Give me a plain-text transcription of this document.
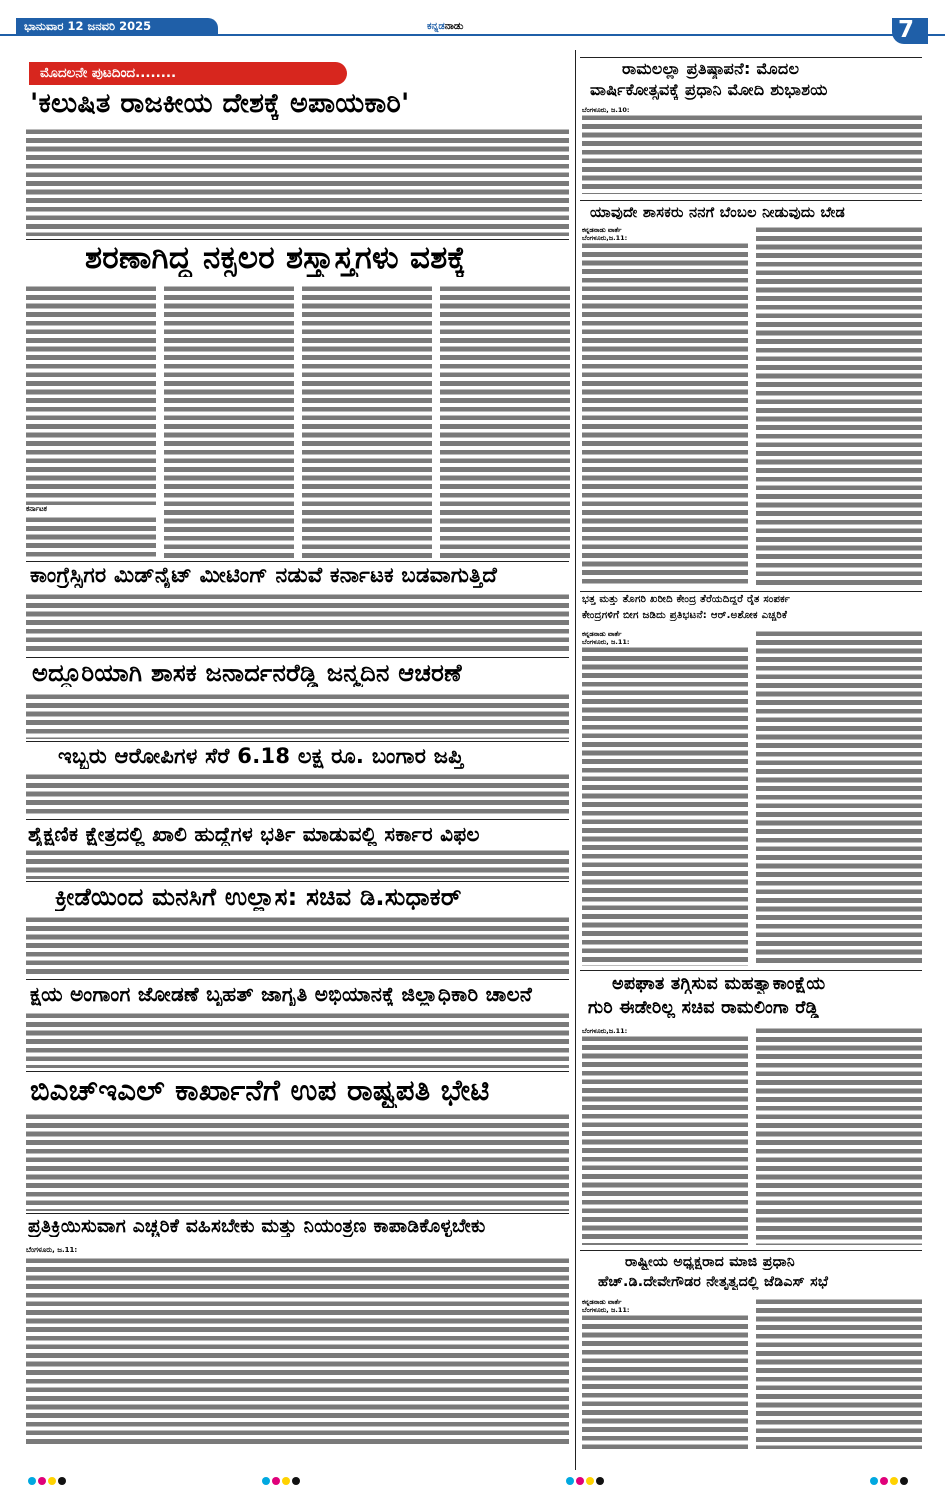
ಭಾನುವಾರ 12 ಜನವರಿ 2025	ಕನ್ನಡನಾಡು	7
ಮೊದಲನೇ ಪುಟದಿಂದ........
'ಕಲುಷಿತ ರಾಜಕೀಯ ದೇಶಕ್ಕೆ ಅಪಾಯಕಾರಿ'
ಶರಣಾಗಿದ್ದ ನಕ್ಸಲರ ಶಸ್ತ್ರಾಸ್ತ್ರಗಳು ವಶಕ್ಕೆ
ಕರ್ನಾಟಕ
ಕಾಂಗ್ರೆಸ್ಸಿಗರ ಮಿಡ್‌ನೈಟ್ ಮೀಟಿಂಗ್ ನಡುವೆ ಕರ್ನಾಟಕ ಬಡವಾಗುತ್ತಿದೆ
ಅದ್ದೂರಿಯಾಗಿ ಶಾಸಕ ಜನಾರ್ದನರೆಡ್ಡಿ ಜನ್ಮದಿನ ಆಚರಣೆ
ಇಬ್ಬರು ಆರೋಪಿಗಳ ಸೆರೆ 6.18 ಲಕ್ಷ ರೂ. ಬಂಗಾರ ಜಪ್ತಿ
ಶೈಕ್ಷಣಿಕ ಕ್ಷೇತ್ರದಲ್ಲಿ ಖಾಲಿ ಹುದ್ದೆಗಳ ಭರ್ತಿ ಮಾಡುವಲ್ಲಿ ಸರ್ಕಾರ ವಿಫಲ
ಕ್ರೀಡೆಯಿಂದ ಮನಸಿಗೆ ಉಲ್ಲಾಸ: ಸಚಿವ ಡಿ.ಸುಧಾಕರ್
ಕ್ಷಯ ಅಂಗಾಂಗ ಜೋಡಣೆ ಬೃಹತ್ ಜಾಗೃತಿ ಅಭಿಯಾನಕ್ಕೆ ಜಿಲ್ಲಾಧಿಕಾರಿ ಚಾಲನೆ
ಬಿಎಚ್‌ಇಎಲ್ ಕಾರ್ಖಾನೆಗೆ ಉಪ ರಾಷ್ಟ್ರಪತಿ ಭೇಟಿ
ಪ್ರತಿಕ್ರಿಯಿಸುವಾಗ ಎಚ್ಚರಿಕೆ ವಹಿಸಬೇಕು ಮತ್ತು ನಿಯಂತ್ರಣ ಕಾಪಾಡಿಕೊಳ್ಳಬೇಕು
ಬೆಂಗಳೂರು, ಜ.11:
ರಾಮಲಲ್ಲಾ ಪ್ರತಿಷ್ಠಾಪನೆ: ಮೊದಲ
ವಾರ್ಷಿಕೋತ್ಸವಕ್ಕೆ ಪ್ರಧಾನಿ ಮೋದಿ ಶುಭಾಶಯ
ಬೆಂಗಳೂರು, ಜ.10:
ಯಾವುದೇ ಶಾಸಕರು ನನಗೆ ಬೆಂಬಲ ನೀಡುವುದು ಬೇಡ
ಕನ್ನಡನಾಡು ವಾರ್ತೆ
ಬೆಂಗಳೂರು,ಜ.11:
ಭತ್ತ ಮತ್ತು ತೊಗರಿ ಖರೀದಿ ಕೇಂದ್ರ ತೆರೆಯದಿದ್ದರೆ ರೈತ ಸಂಪರ್ಕ
ಕೇಂದ್ರಗಳಿಗೆ ಬೀಗ ಜಡಿದು ಪ್ರತಿಭಟನೆ: ಆರ್.ಅಶೋಕ ಎಚ್ಚರಿಕೆ
ಕನ್ನಡನಾಡು ವಾರ್ತೆ
ಬೆಂಗಳೂರು, ಜ.11:
ಅಪಘಾತ ತಗ್ಗಿಸುವ ಮಹತ್ವಾಕಾಂಕ್ಷೆಯ
ಗುರಿ ಈಡೇರಿಲ್ಲ ಸಚಿವ ರಾಮಲಿಂಗಾ ರೆಡ್ಡಿ
ಬೆಂಗಳೂರು,ಜ.11:
ರಾಷ್ಟ್ರೀಯ ಅಧ್ಯಕ್ಷರಾದ ಮಾಜಿ ಪ್ರಧಾನಿ
ಹೆಚ್.ಡಿ.ದೇವೇಗೌಡರ ನೇತೃತ್ವದಲ್ಲಿ ಜೆಡಿಎಸ್ ಸಭೆ
ಕನ್ನಡನಾಡು ವಾರ್ತೆ
ಬೆಂಗಳೂರು, ಜ.11:
